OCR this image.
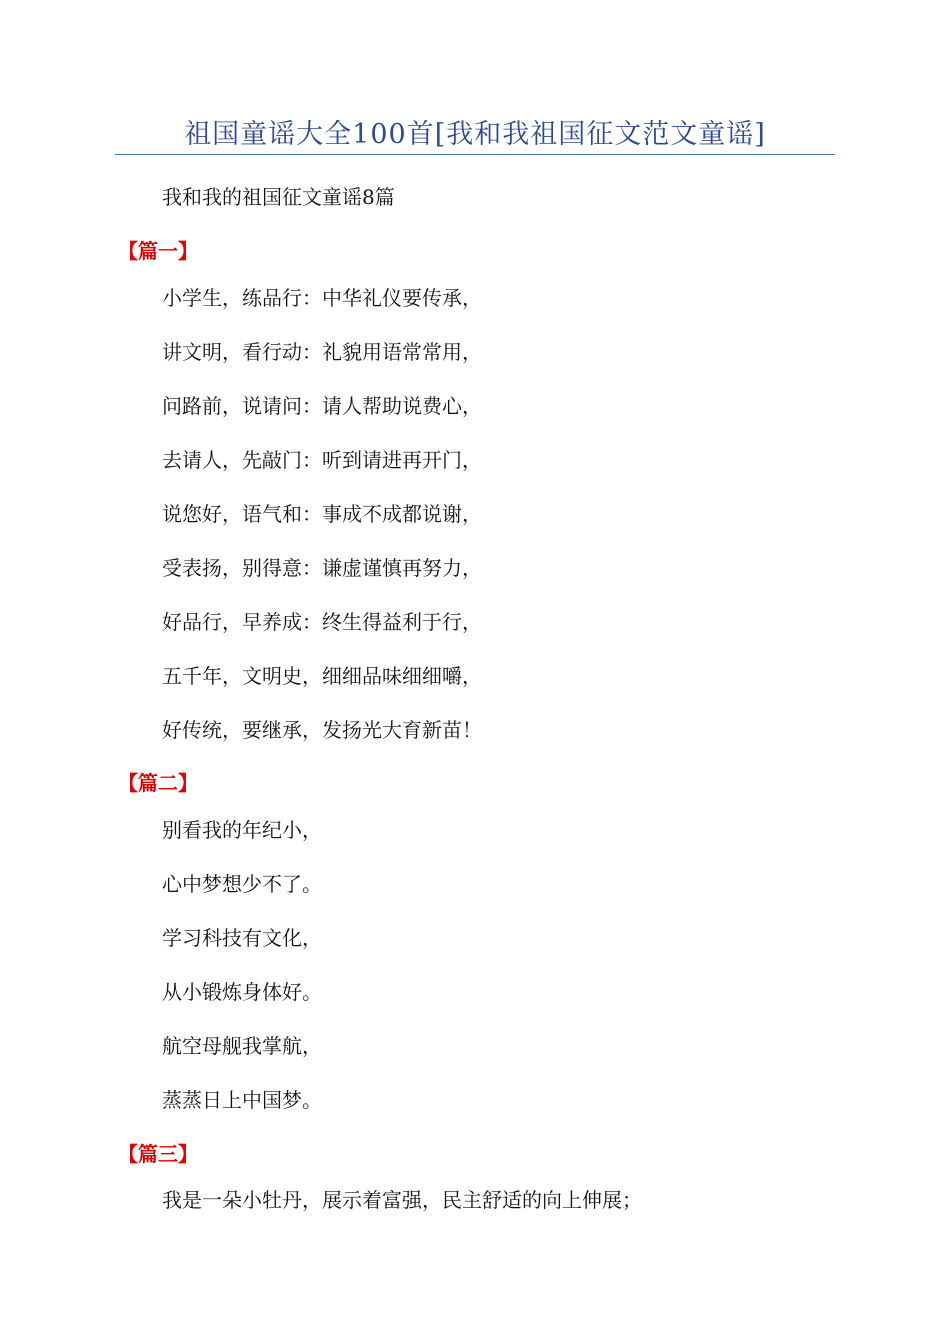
祖国童谣大全100首[我和我祖国征文范文童谣]
我和我的祖国征文童谣8篇
【篇一】
小学生，练品行：中华礼仪要传承，
讲文明，看行动：礼貌用语常常用，
问路前，说请问：请人帮助说费心，
去请人，先敲门：听到请进再开门，
说您好，语气和：事成不成都说谢，
受表扬，别得意：谦虚谨慎再努力，
好品行，早养成：终生得益利于行，
五千年，文明史，细细品味细细嚼，
好传统，要继承，发扬光大育新苗！
【篇二】
别看我的年纪小，
心中梦想少不了。
学习科技有文化，
从小锻炼身体好。
航空母舰我掌航，
蒸蒸日上中国梦。
【篇三】
我是一朵小牡丹，展示着富强，民主舒适的向上伸展；
